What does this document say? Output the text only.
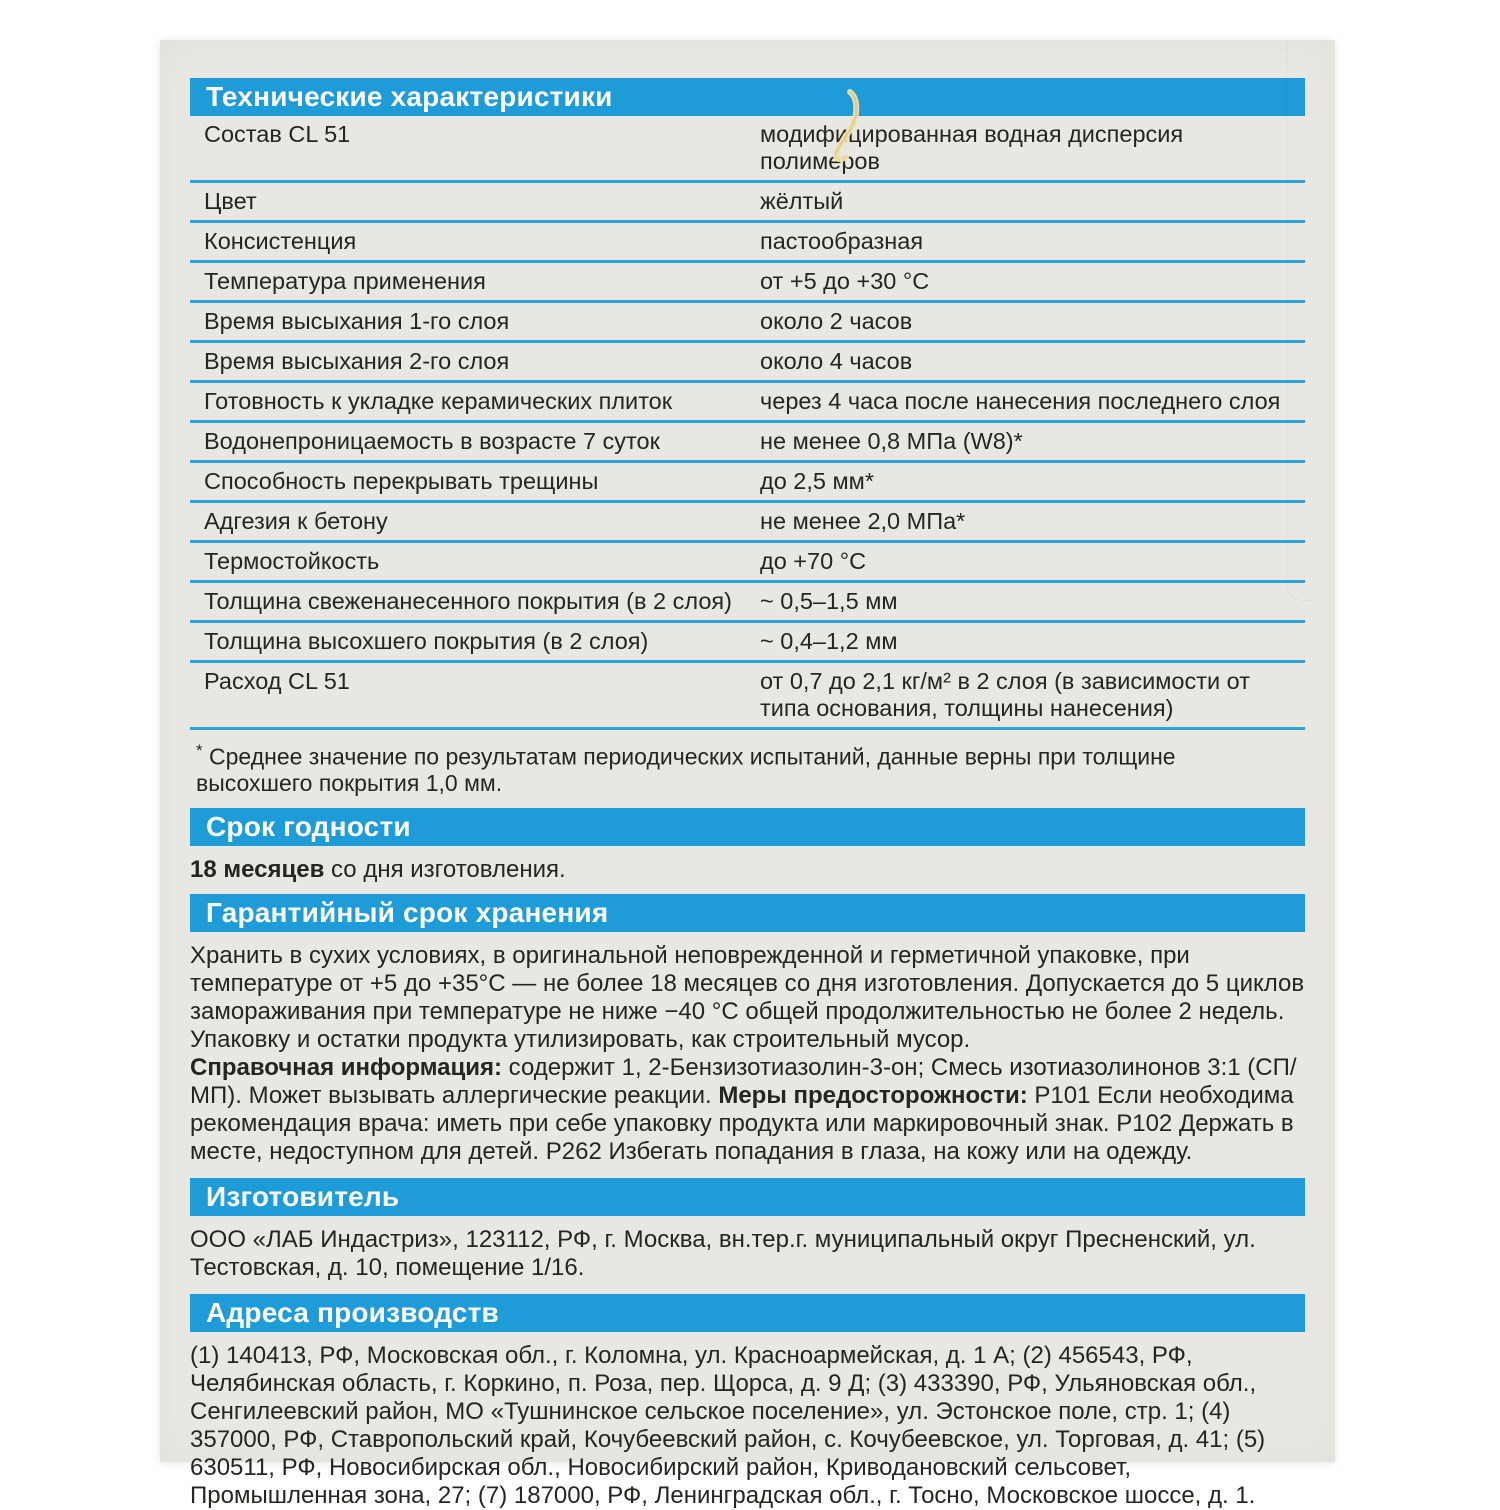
Технические характеристики
Состав CL 51	модифицированная водная дисперсия полимеров
Цвет	жёлтый
Консистенция	пастообразная
Температура применения	от +5 до +30 °C
Время высыхания 1-го слоя	около 2 часов
Время высыхания 2-го слоя	около 4 часов
Готовность к укладке керамических плиток	через 4 часа после нанесения последнего слоя
Водонепроницаемость в возрасте 7 суток	не менее 0,8 МПа (W8)*
Способность перекрывать трещины	до 2,5 мм*
Адгезия к бетону	не менее 2,0 МПа*
Термостойкость	до +70 °C
Толщина свеженанесенного покрытия (в 2 слоя)	~ 0,5–1,5 мм
Толщина высохшего покрытия (в 2 слоя)	~ 0,4–1,2 мм
Расход CL 51	от 0,7 до 2,1 кг/м² в 2 слоя (в зависимости от типа основания, толщины нанесения)
* Среднее значение по результатам периодических испытаний, данные верны при толщине высохшего покрытия 1,0 мм.
Срок годности
18 месяцев со дня изготовления.
Гарантийный срок хранения
Хранить в сухих условиях, в оригинальной неповрежденной и герметичной упаковке, при температуре от +5 до +35°C — не более 18 месяцев со дня изготовления. Допускается до 5 циклов замораживания при температуре не ниже −40 °C общей продолжительностью не более 2 недель. Упаковку и остатки продукта утилизировать, как строительный мусор.
Справочная информация: содержит 1, 2-Бензизотиазолин-3-он; Смесь изотиазолинонов 3:1 (СП/МП). Может вызывать аллергические реакции. Меры предосторожности: P101 Если необходима рекомендация врача: иметь при себе упаковку продукта или маркировочный знак. P102 Держать в месте, недоступном для детей. P262 Избегать попадания в глаза, на кожу или на одежду.
Изготовитель
ООО «ЛАБ Индастриз», 123112, РФ, г. Москва, вн.тер.г. муниципальный округ Пресненский, ул. Тестовская, д. 10, помещение 1/16.
Адреса производств
(1) 140413, РФ, Московская обл., г. Коломна, ул. Красноармейская, д. 1 А; (2) 456543, РФ, Челябинская область, г. Коркино, п. Роза, пер. Щорса, д. 9 Д; (3) 433390, РФ, Ульяновская обл., Сенгилеевский район, МО «Тушнинское сельское поселение», ул. Эстонское поле, стр. 1; (4) 357000, РФ, Ставропольский край, Кочубеевский район, с. Кочубеевское, ул. Торговая, д. 41; (5) 630511, РФ, Новосибирская обл., Новосибирский район, Криводановский сельсовет, Промышленная зона, 27; (7) 187000, РФ, Ленинградская обл., г. Тосно, Московское шоссе, д. 1.
